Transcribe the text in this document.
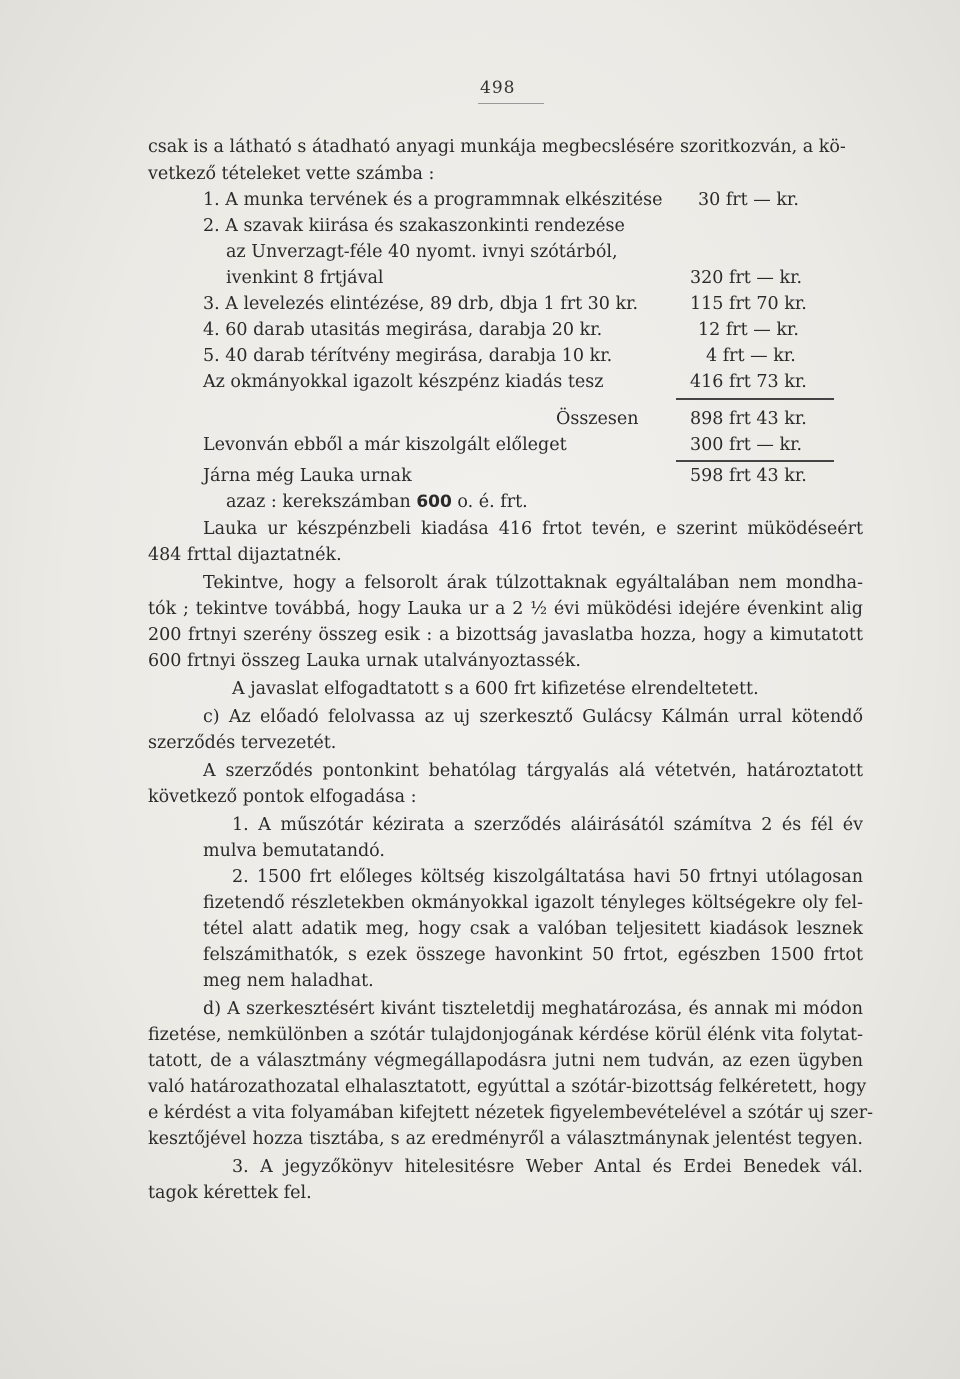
498
csak is a látható s átadható anyagi munkája megbecslésére szoritkozván, a kö-
vetkező tételeket vette számba :
1. A munka tervének és a programmnak elkészitése 30 frt — kr.
2. A szavak kiirása és szakaszonkinti rendezése
az Unverzagt-féle 40 nyomt. ivnyi szótárból,
ivenkint 8 frtjával	320 frt — kr.
3. A levelezés elintézése, 89 drb, dbja 1 frt 30 kr.	115 frt 70 kr.
4. 60 darab utasitás megirása, darabja 20 kr.	12 frt — kr.
5. 40 darab térítvény megirása, darabja 10 kr.	4 frt — kr.
Az okmányokkal igazolt készpénz kiadás tesz	416 frt 73 kr.
Összesen	898 frt 43 kr.
Levonván ebből a már kiszolgált előleget	300 frt — kr.
Járna még Lauka urnak	598 frt 43 kr.
azaz : kerekszámban 600 o. é. frt.
Lauka ur készpénzbeli kiadása 416 frtot tevén, e szerint müködéseért
484 frttal dijaztatnék.
Tekintve, hogy a felsorolt árak túlzottaknak egyáltalában nem mondha-
tók ; tekintve továbbá, hogy Lauka ur a 2 ½ évi müködési idejére évenkint alig
200 frtnyi szerény összeg esik : a bizottság javaslatba hozza, hogy a kimutatott
600 frtnyi összeg Lauka urnak utalványoztassék.
A javaslat elfogadtatott s a 600 frt kifizetése elrendeltetett.
c) Az előadó felolvassa az uj szerkesztő Gulácsy Kálmán urral kötendő
szerződés tervezetét.
A szerződés pontonkint behatólag tárgyalás alá vétetvén, határoztatott
következő pontok elfogadása :
1. A műszótár kézirata a szerződés aláirásától számítva 2 és fél év
mulva bemutatandó.
2. 1500 frt előleges költség kiszolgáltatása havi 50 frtnyi utólagosan
fizetendő részletekben okmányokkal igazolt tényleges költségekre oly fel-
tétel alatt adatik meg, hogy csak a valóban teljesitett kiadások lesznek
felszámithatók, s ezek összege havonkint 50 frtot, egészben 1500 frtot
meg nem haladhat.
d) A szerkesztésért kivánt tiszteletdij meghatározása, és annak mi módon
fizetése, nemkülönben a szótár tulajdonjogának kérdése körül élénk vita folytat-
tatott, de a választmány végmegállapodásra jutni nem tudván, az ezen ügyben
való határozathozatal elhalasztatott, egyúttal a szótár-bizottság felkéretett, hogy
e kérdést a vita folyamában kifejtett nézetek figyelembevételével a szótár uj szer-
kesztőjével hozza tisztába, s az eredményről a választmánynak jelentést tegyen.
3. A jegyzőkönyv hitelesitésre Weber Antal és Erdei Benedek vál.
tagok kérettek fel.
